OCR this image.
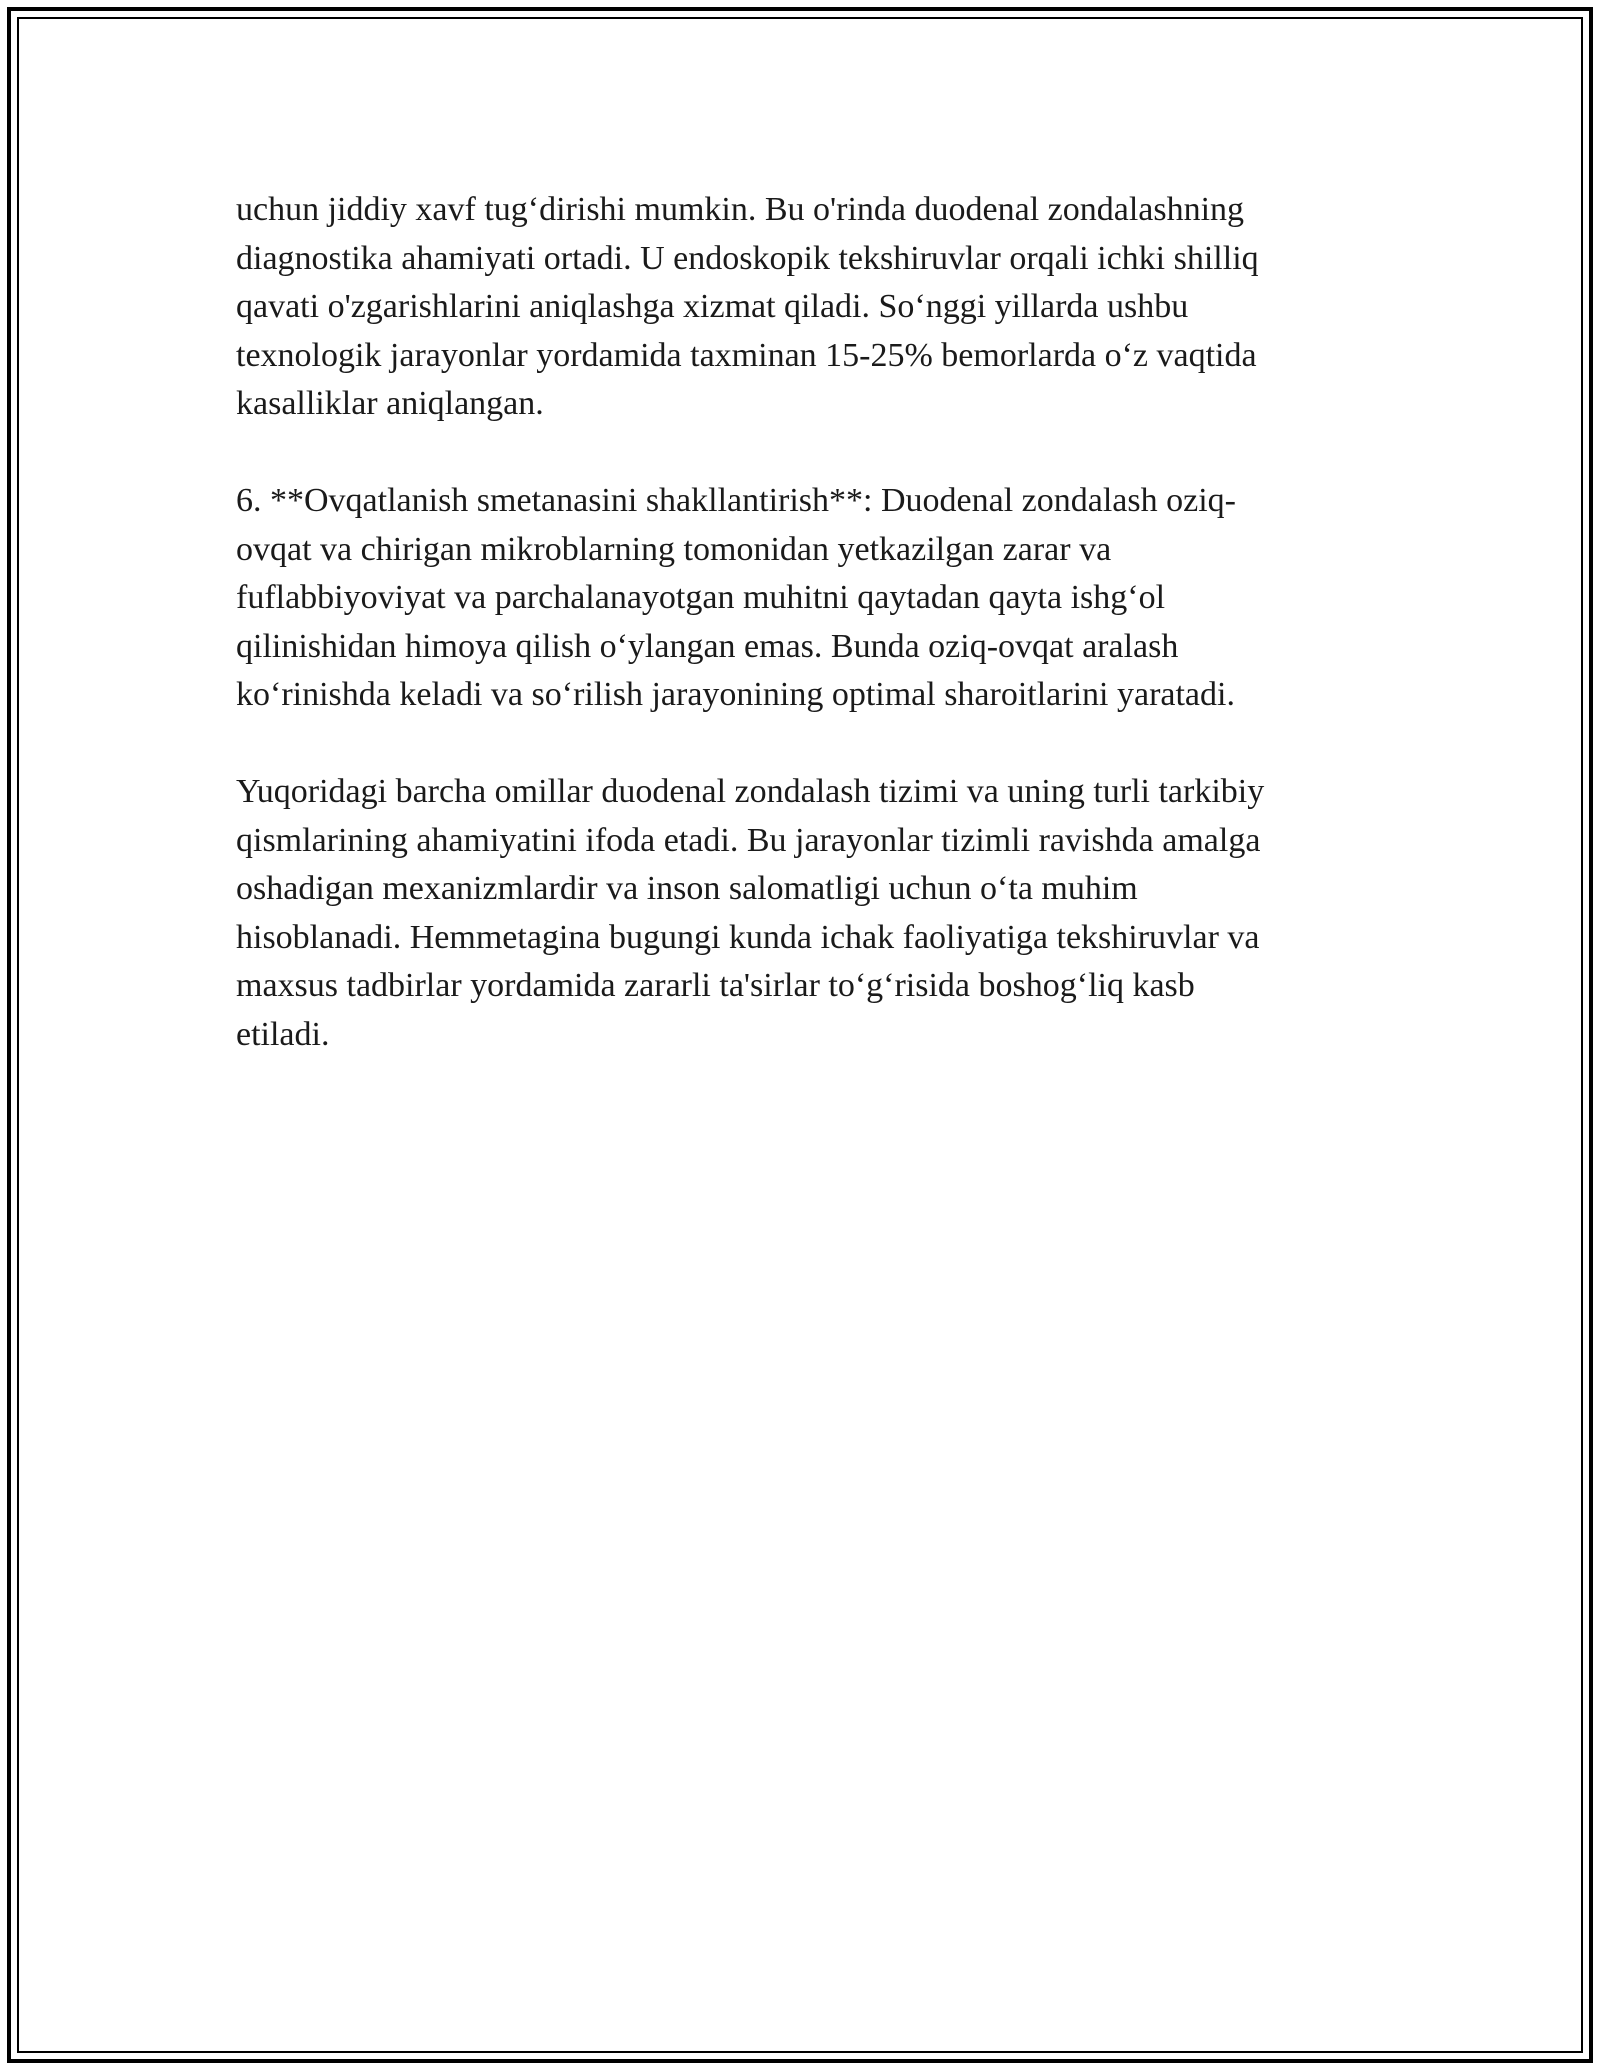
uchun jiddiy xavf tug‘dirishi mumkin. Bu o'rinda duodenal zondalashning
diagnostika ahamiyati ortadi. U endoskopik tekshiruvlar orqali ichki shilliq
qavati o'zgarishlarini aniqlashga xizmat qiladi. So‘nggi yillarda ushbu
texnologik jarayonlar yordamida taxminan 15-25% bemorlarda o‘z vaqtida
kasalliklar aniqlangan.

6. **Ovqatlanish smetanasini shakllantirish**: Duodenal zondalash oziq-
ovqat va chirigan mikroblarning tomonidan yetkazilgan zarar va
fuflabbiyoviyat va parchalanayotgan muhitni qaytadan qayta ishg‘ol
qilinishidan himoya qilish o‘ylangan emas. Bunda oziq-ovqat aralash
ko‘rinishda keladi va so‘rilish jarayonining optimal sharoitlarini yaratadi.

Yuqoridagi barcha omillar duodenal zondalash tizimi va uning turli tarkibiy
qismlarining ahamiyatini ifoda etadi. Bu jarayonlar tizimli ravishda amalga
oshadigan mexanizmlardir va inson salomatligi uchun o‘ta muhim
hisoblanadi. Hemmetagina bugungi kunda ichak faoliyatiga tekshiruvlar va
maxsus tadbirlar yordamida zararli ta'sirlar to‘g‘risida boshog‘liq kasb
etiladi.
